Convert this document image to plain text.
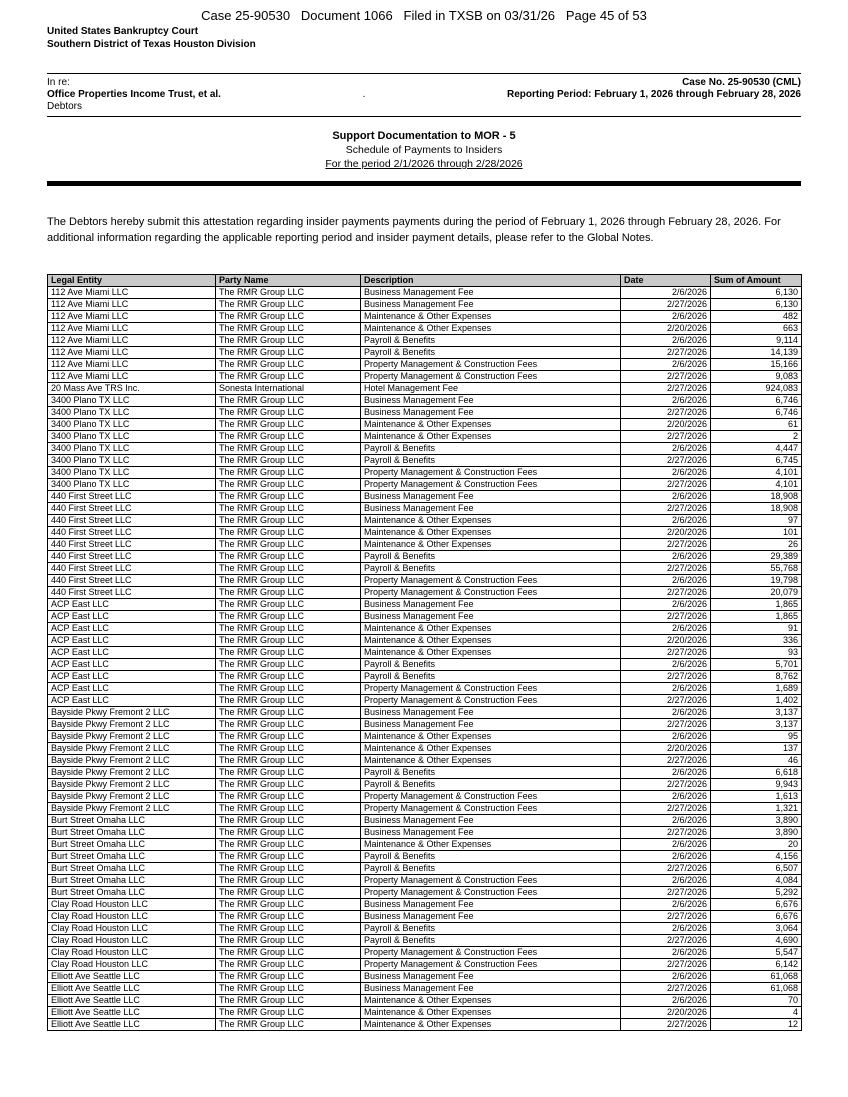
Case 25-90530   Document 1066   Filed in TXSB on 03/31/26   Page 45 of 53
United States Bankruptcy Court
Southern District of Texas Houston Division
In re:
Office Properties Income Trust, et al.
Debtors
.
Case No. 25-90530 (CML)
Reporting Period: February 1, 2026 through February 28, 2026
Support Documentation to MOR - 5
Schedule of Payments to Insiders
For the period 2/1/2026 through 2/28/2026
The Debtors hereby submit this attestation regarding insider payments payments during the period of February 1, 2026 through February 28, 2026. For additional information regarding the applicable reporting period and insider payment details, please refer to the Global Notes.
Legal Entity	Party Name	Description	Date	Sum of Amount
112 Ave Miami LLC	The RMR Group LLC	Business Management Fee	2/6/2026	6,130
112 Ave Miami LLC	The RMR Group LLC	Business Management Fee	2/27/2026	6,130
112 Ave Miami LLC	The RMR Group LLC	Maintenance & Other Expenses	2/6/2026	482
112 Ave Miami LLC	The RMR Group LLC	Maintenance & Other Expenses	2/20/2026	663
112 Ave Miami LLC	The RMR Group LLC	Payroll & Benefits	2/6/2026	9,114
112 Ave Miami LLC	The RMR Group LLC	Payroll & Benefits	2/27/2026	14,139
112 Ave Miami LLC	The RMR Group LLC	Property Management & Construction Fees	2/6/2026	15,166
112 Ave Miami LLC	The RMR Group LLC	Property Management & Construction Fees	2/27/2026	9,083
20 Mass Ave TRS Inc.	Sonesta International	Hotel Management Fee	2/27/2026	924,083
3400 Plano TX LLC	The RMR Group LLC	Business Management Fee	2/6/2026	6,746
3400 Plano TX LLC	The RMR Group LLC	Business Management Fee	2/27/2026	6,746
3400 Plano TX LLC	The RMR Group LLC	Maintenance & Other Expenses	2/20/2026	61
3400 Plano TX LLC	The RMR Group LLC	Maintenance & Other Expenses	2/27/2026	2
3400 Plano TX LLC	The RMR Group LLC	Payroll & Benefits	2/6/2026	4,447
3400 Plano TX LLC	The RMR Group LLC	Payroll & Benefits	2/27/2026	6,745
3400 Plano TX LLC	The RMR Group LLC	Property Management & Construction Fees	2/6/2026	4,101
3400 Plano TX LLC	The RMR Group LLC	Property Management & Construction Fees	2/27/2026	4,101
440 First Street LLC	The RMR Group LLC	Business Management Fee	2/6/2026	18,908
440 First Street LLC	The RMR Group LLC	Business Management Fee	2/27/2026	18,908
440 First Street LLC	The RMR Group LLC	Maintenance & Other Expenses	2/6/2026	97
440 First Street LLC	The RMR Group LLC	Maintenance & Other Expenses	2/20/2026	101
440 First Street LLC	The RMR Group LLC	Maintenance & Other Expenses	2/27/2026	26
440 First Street LLC	The RMR Group LLC	Payroll & Benefits	2/6/2026	29,389
440 First Street LLC	The RMR Group LLC	Payroll & Benefits	2/27/2026	55,768
440 First Street LLC	The RMR Group LLC	Property Management & Construction Fees	2/6/2026	19,798
440 First Street LLC	The RMR Group LLC	Property Management & Construction Fees	2/27/2026	20,079
ACP East LLC	The RMR Group LLC	Business Management Fee	2/6/2026	1,865
ACP East LLC	The RMR Group LLC	Business Management Fee	2/27/2026	1,865
ACP East LLC	The RMR Group LLC	Maintenance & Other Expenses	2/6/2026	91
ACP East LLC	The RMR Group LLC	Maintenance & Other Expenses	2/20/2026	336
ACP East LLC	The RMR Group LLC	Maintenance & Other Expenses	2/27/2026	93
ACP East LLC	The RMR Group LLC	Payroll & Benefits	2/6/2026	5,701
ACP East LLC	The RMR Group LLC	Payroll & Benefits	2/27/2026	8,762
ACP East LLC	The RMR Group LLC	Property Management & Construction Fees	2/6/2026	1,689
ACP East LLC	The RMR Group LLC	Property Management & Construction Fees	2/27/2026	1,402
Bayside Pkwy Fremont 2 LLC	The RMR Group LLC	Business Management Fee	2/6/2026	3,137
Bayside Pkwy Fremont 2 LLC	The RMR Group LLC	Business Management Fee	2/27/2026	3,137
Bayside Pkwy Fremont 2 LLC	The RMR Group LLC	Maintenance & Other Expenses	2/6/2026	95
Bayside Pkwy Fremont 2 LLC	The RMR Group LLC	Maintenance & Other Expenses	2/20/2026	137
Bayside Pkwy Fremont 2 LLC	The RMR Group LLC	Maintenance & Other Expenses	2/27/2026	46
Bayside Pkwy Fremont 2 LLC	The RMR Group LLC	Payroll & Benefits	2/6/2026	6,618
Bayside Pkwy Fremont 2 LLC	The RMR Group LLC	Payroll & Benefits	2/27/2026	9,943
Bayside Pkwy Fremont 2 LLC	The RMR Group LLC	Property Management & Construction Fees	2/6/2026	1,613
Bayside Pkwy Fremont 2 LLC	The RMR Group LLC	Property Management & Construction Fees	2/27/2026	1,321
Burt Street Omaha LLC	The RMR Group LLC	Business Management Fee	2/6/2026	3,890
Burt Street Omaha LLC	The RMR Group LLC	Business Management Fee	2/27/2026	3,890
Burt Street Omaha LLC	The RMR Group LLC	Maintenance & Other Expenses	2/6/2026	20
Burt Street Omaha LLC	The RMR Group LLC	Payroll & Benefits	2/6/2026	4,156
Burt Street Omaha LLC	The RMR Group LLC	Payroll & Benefits	2/27/2026	6,507
Burt Street Omaha LLC	The RMR Group LLC	Property Management & Construction Fees	2/6/2026	4,084
Burt Street Omaha LLC	The RMR Group LLC	Property Management & Construction Fees	2/27/2026	5,292
Clay Road Houston LLC	The RMR Group LLC	Business Management Fee	2/6/2026	6,676
Clay Road Houston LLC	The RMR Group LLC	Business Management Fee	2/27/2026	6,676
Clay Road Houston LLC	The RMR Group LLC	Payroll & Benefits	2/6/2026	3,064
Clay Road Houston LLC	The RMR Group LLC	Payroll & Benefits	2/27/2026	4,690
Clay Road Houston LLC	The RMR Group LLC	Property Management & Construction Fees	2/6/2026	5,547
Clay Road Houston LLC	The RMR Group LLC	Property Management & Construction Fees	2/27/2026	6,142
Elliott Ave Seattle LLC	The RMR Group LLC	Business Management Fee	2/6/2026	61,068
Elliott Ave Seattle LLC	The RMR Group LLC	Business Management Fee	2/27/2026	61,068
Elliott Ave Seattle LLC	The RMR Group LLC	Maintenance & Other Expenses	2/6/2026	70
Elliott Ave Seattle LLC	The RMR Group LLC	Maintenance & Other Expenses	2/20/2026	4
Elliott Ave Seattle LLC	The RMR Group LLC	Maintenance & Other Expenses	2/27/2026	12
